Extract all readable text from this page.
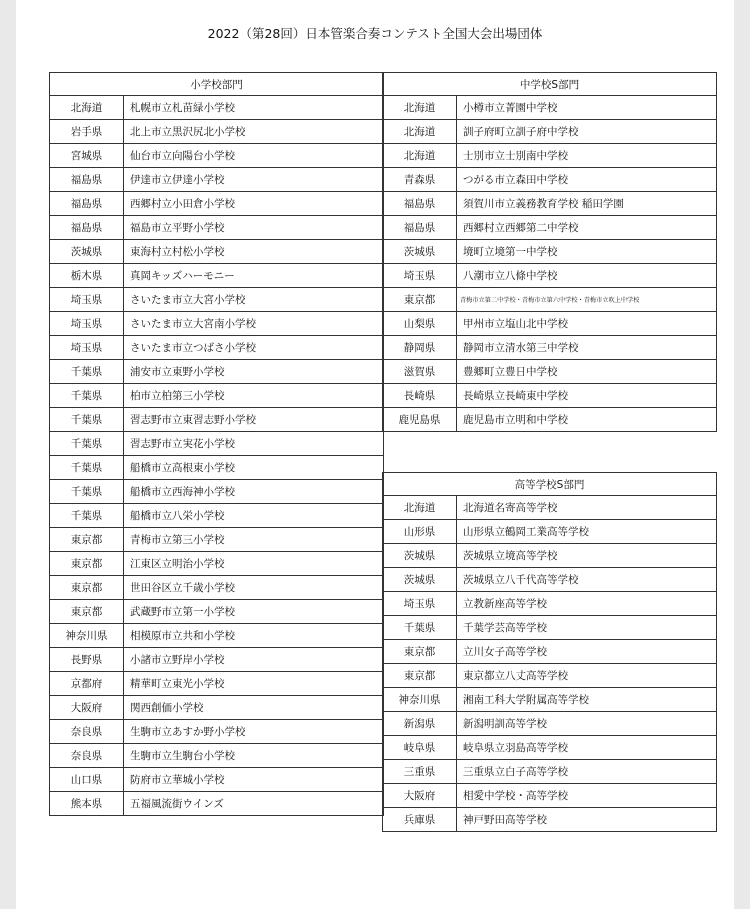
2022（第28回）日本管楽合奏コンテスト全国大会出場団体
小学校部門	
北海道	札幌市立札苗緑小学校
岩手県	北上市立黒沢尻北小学校
宮城県	仙台市立向陽台小学校
福島県	伊達市立伊達小学校
福島県	西郷村立小田倉小学校
福島県	福島市立平野小学校
茨城県	東海村立村松小学校
栃木県	真岡キッズハーモニー
埼玉県	さいたま市立大宮小学校
埼玉県	さいたま市立大宮南小学校
埼玉県	さいたま市立つばさ小学校
千葉県	浦安市立東野小学校
千葉県	柏市立柏第三小学校
千葉県	習志野市立東習志野小学校
千葉県	習志野市立実花小学校
千葉県	船橋市立高根東小学校
千葉県	船橋市立西海神小学校
千葉県	船橋市立八栄小学校
東京都	青梅市立第三小学校
東京都	江東区立明治小学校
東京都	世田谷区立千歳小学校
東京都	武蔵野市立第一小学校
神奈川県	相模原市立共和小学校
長野県	小諸市立野岸小学校
京都府	精華町立東光小学校
大阪府	関西創価小学校
奈良県	生駒市立あすか野小学校
奈良県	生駒市立生駒台小学校
山口県	防府市立華城小学校
熊本県	五福風流街ウインズ
中学校S部門	
北海道	小樽市立菁園中学校
北海道	訓子府町立訓子府中学校
北海道	士別市立士別南中学校
青森県	つがる市立森田中学校
福島県	須賀川市立義務教育学校 稲田学園
福島県	西郷村立西郷第二中学校
茨城県	境町立境第一中学校
埼玉県	八潮市立八條中学校
東京都	青梅市立第二中学校・青梅市立第六中学校・青梅市立吹上中学校
山梨県	甲州市立塩山北中学校
静岡県	静岡市立清水第三中学校
滋賀県	豊郷町立豊日中学校
長崎県	長崎県立長崎東中学校
鹿児島県	鹿児島市立明和中学校
高等学校S部門	
北海道	北海道名寄高等学校
山形県	山形県立鶴岡工業高等学校
茨城県	茨城県立境高等学校
茨城県	茨城県立八千代高等学校
埼玉県	立教新座高等学校
千葉県	千葉学芸高等学校
東京都	立川女子高等学校
東京都	東京都立八丈高等学校
神奈川県	湘南工科大学附属高等学校
新潟県	新潟明訓高等学校
岐阜県	岐阜県立羽島高等学校
三重県	三重県立白子高等学校
大阪府	相愛中学校・高等学校
兵庫県	神戸野田高等学校
